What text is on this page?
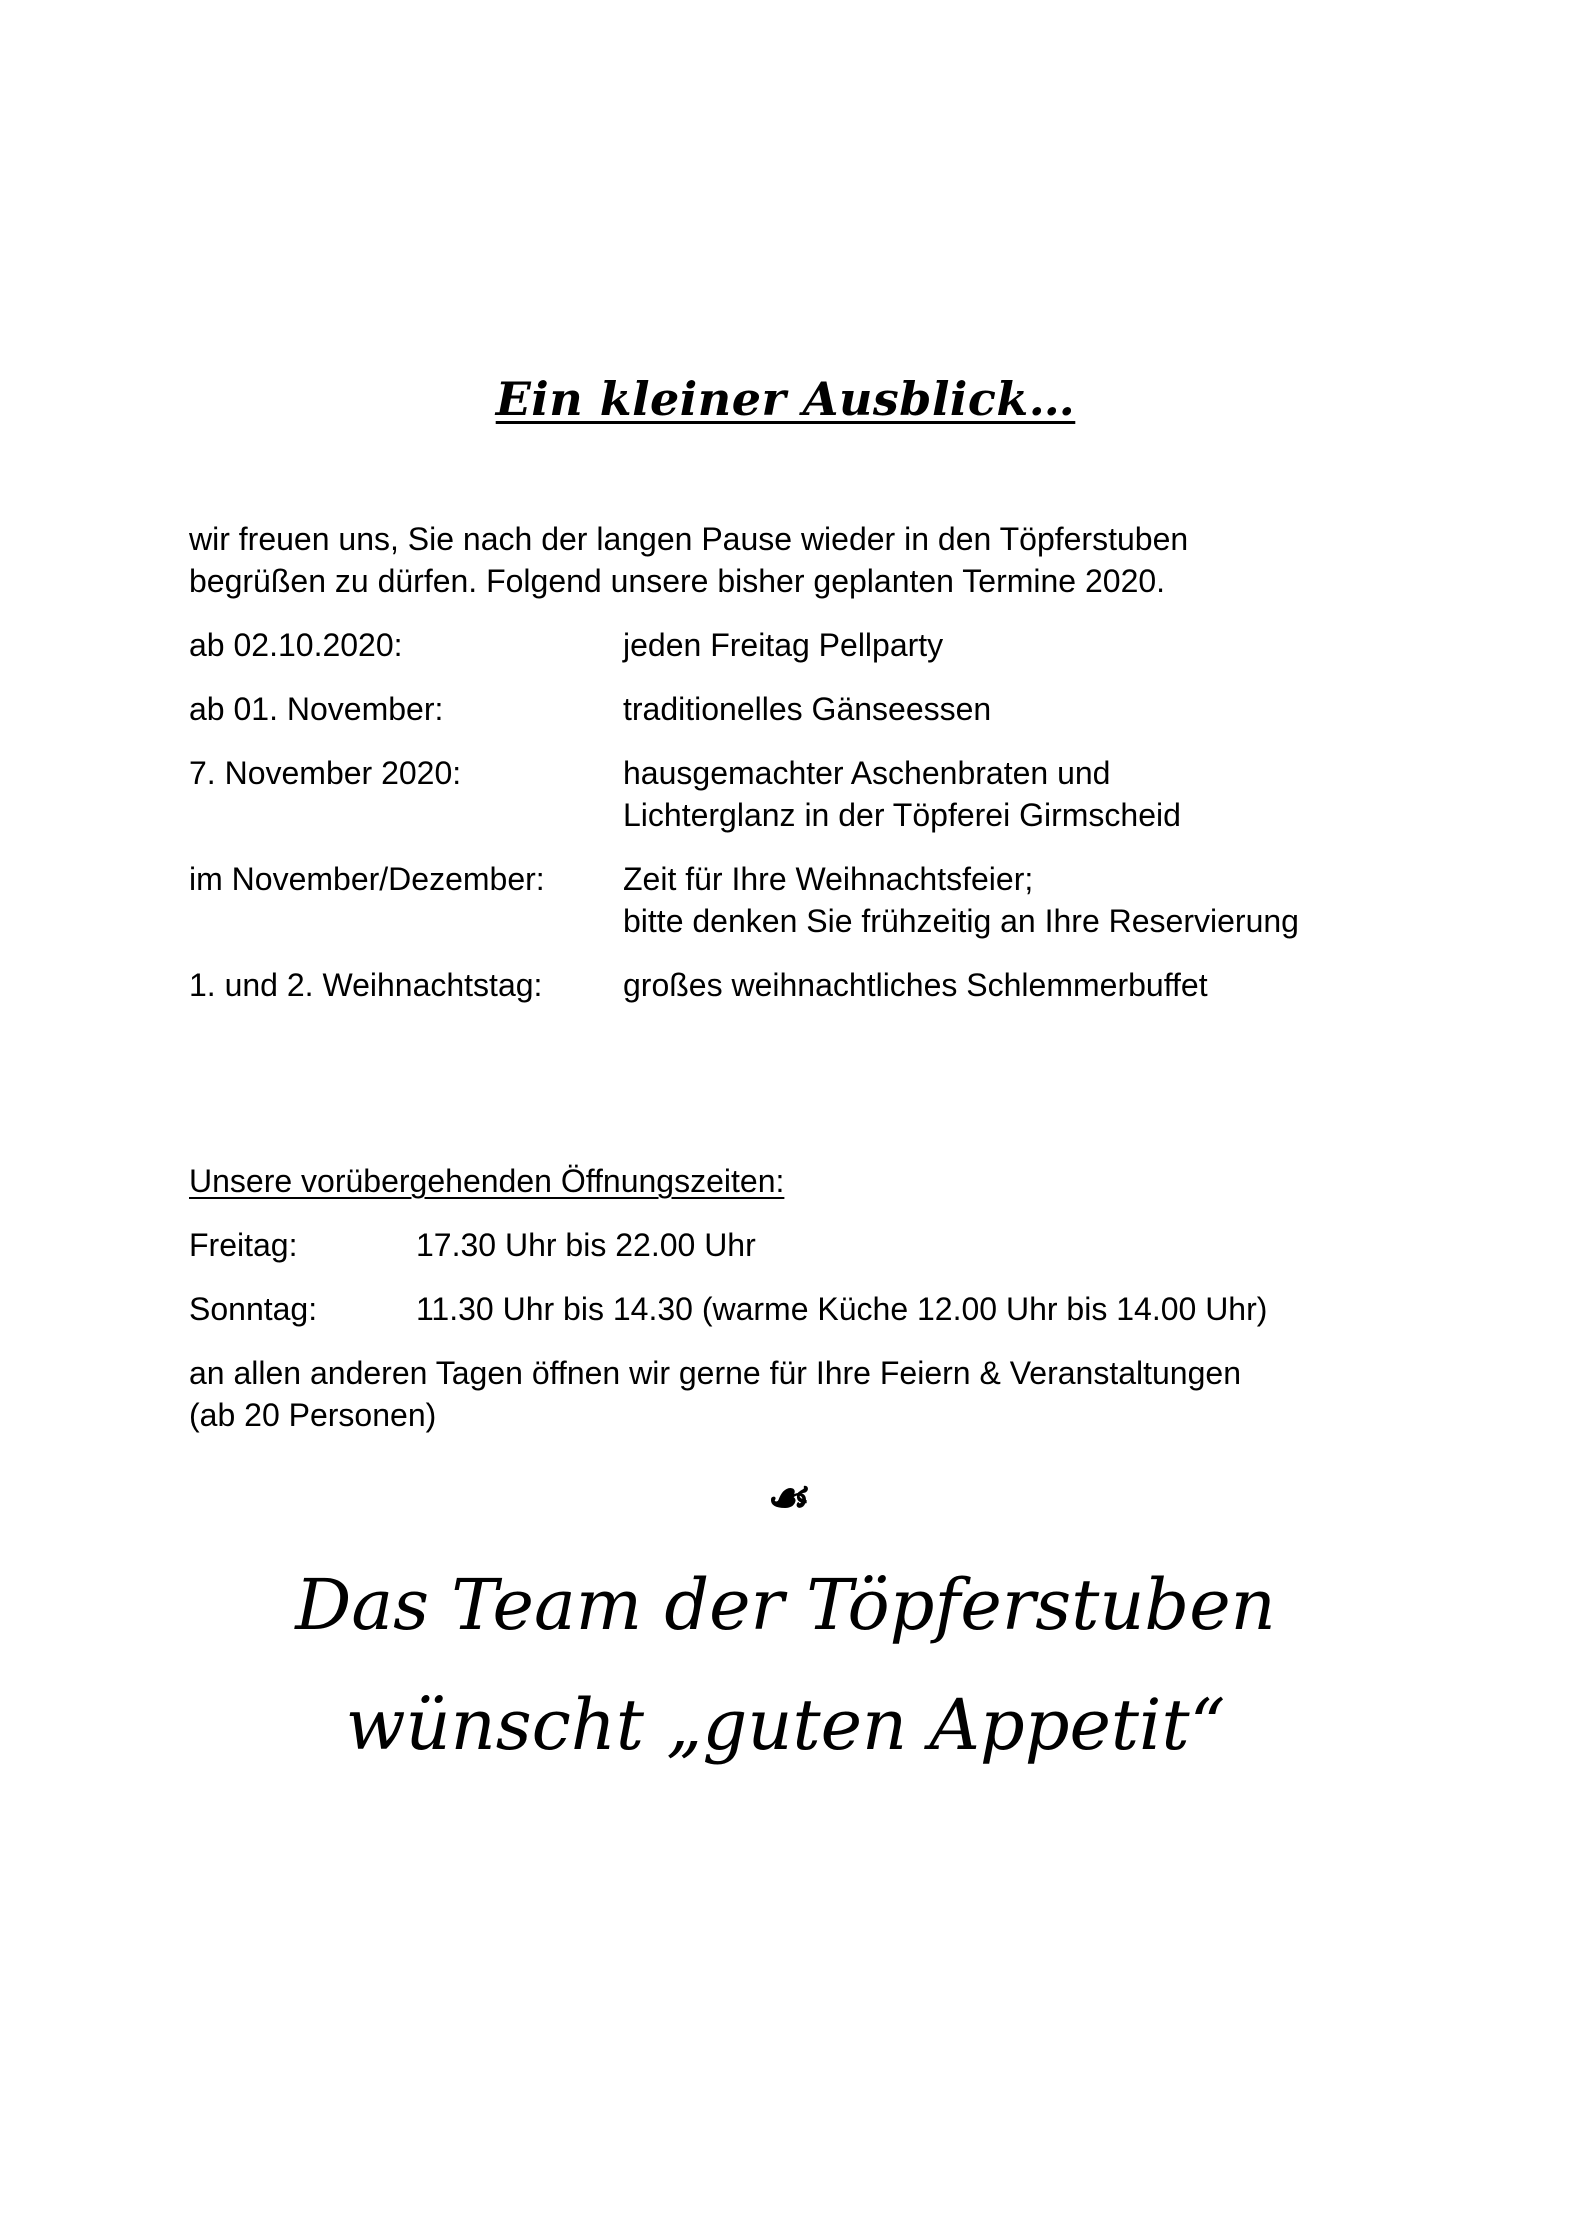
Ein kleiner Ausblick…
wir freuen uns, Sie nach der langen Pause wieder in den Töpferstuben
begrüßen zu dürfen. Folgend unsere bisher geplanten Termine 2020.
ab 02.10.2020:	jeden Freitag Pellparty
ab 01. November:	traditionelles Gänseessen
7. November 2020:	hausgemachter Aschenbraten und
Lichterglanz in der Töpferei Girmscheid
im November/Dezember:	Zeit für Ihre Weihnachtsfeier;
bitte denken Sie frühzeitig an Ihre Reservierung
1. und 2. Weihnachtstag:	großes weihnachtliches Schlemmerbuffet
Unsere vorübergehenden Öffnungszeiten:
Freitag:	17.30 Uhr bis 22.00 Uhr
Sonntag:	11.30 Uhr bis 14.30 (warme Küche 12.00 Uhr bis 14.00 Uhr)
an allen anderen Tagen öffnen wir gerne für Ihre Feiern & Veranstaltungen
(ab 20 Personen)
☙
Das Team der Töpferstuben
wünscht „guten Appetit“
